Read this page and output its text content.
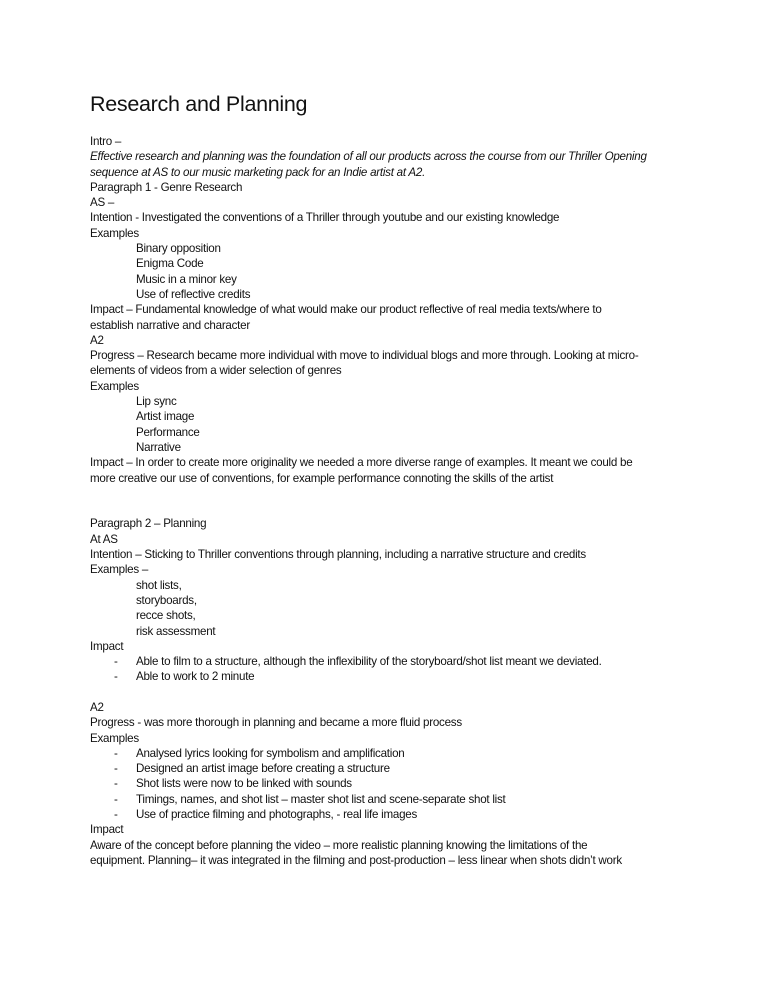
Research and Planning
Intro –
Effective research and planning was the foundation of all our products across the course from our Thriller Opening
sequence at AS to our music marketing pack for an Indie artist at A2.
Paragraph 1 - Genre Research
AS –
Intention - Investigated the conventions of a Thriller through youtube and our existing knowledge
Examples
Binary opposition
Enigma Code
Music in a minor key
Use of reflective credits
Impact – Fundamental knowledge of what would make our product reflective of real media texts/where to
establish narrative and character
A2
Progress – Research became more individual with move to individual blogs and more through. Looking at micro-
elements of videos from a wider selection of genres
Examples
Lip sync
Artist image
Performance
Narrative
Impact – In order to create more originality we needed a more diverse range of examples. It meant we could be
more creative our use of conventions, for example performance connoting the skills of the artist
Paragraph 2 – Planning
At AS
Intention – Sticking to Thriller conventions through planning, including a narrative structure and credits
Examples –
shot lists,
storyboards,
recce shots,
risk assessment
Impact
- Able to film to a structure, although the inflexibility of the storyboard/shot list meant we deviated.
- Able to work to 2 minute
A2
Progress - was more thorough in planning and became a more fluid process
Examples
- Analysed lyrics looking for symbolism and amplification
- Designed an artist image before creating a structure
- Shot lists were now to be linked with sounds
- Timings, names, and shot list – master shot list and scene-separate shot list
- Use of practice filming and photographs, - real life images
Impact
Aware of the concept before planning the video – more realistic planning knowing the limitations of the
equipment. Planning– it was integrated in the filming and post-production – less linear when shots didn’t work
